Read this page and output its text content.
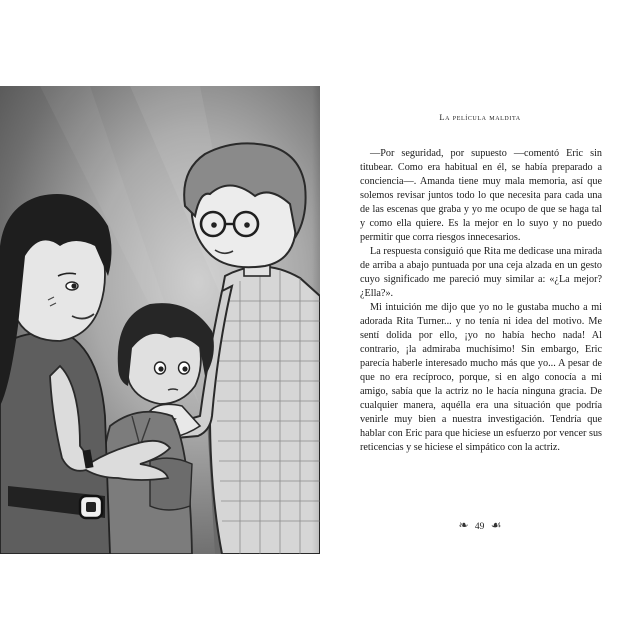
La película maldita

—Por seguridad, por supuesto —comentó Eric sin titubear. Como era habitual en él, se había preparado a conciencia—. Amanda tiene muy mala memoria, así que solemos revisar juntos todo lo que necesita para cada una de las escenas que graba y yo me ocupo de que se haga tal y como ella quiere. Es la mejor en lo suyo y no puedo permitir que corra riesgos innecesarios.

La respuesta consiguió que Rita me dedicase una mirada de arriba a abajo puntuada por una ceja alzada en un gesto cuyo significado me pareció muy similar a: «¿La mejor? ¿Ella?».

Mi intuición me dijo que yo no le gustaba mucho a mi adorada Rita Turner... y no tenía ni idea del motivo. Me sentí dolida por ello, ¡yo no había hecho nada! Al contrario, ¡la admiraba muchísimo! Sin embargo, Eric parecía haberle interesado mucho más que yo... A pesar de que no era recíproco, porque, si en algo conocía a mi amigo, sabía que la actriz no le hacía ninguna gracia. De cualquier manera, aquélla era una situación que podría venirle muy bien a nuestra investigación. Tendría que hablar con Eric para que hiciese un esfuerzo por vencer sus reticencias y se hiciese el simpático con la actriz.

❧ 49 ☙
